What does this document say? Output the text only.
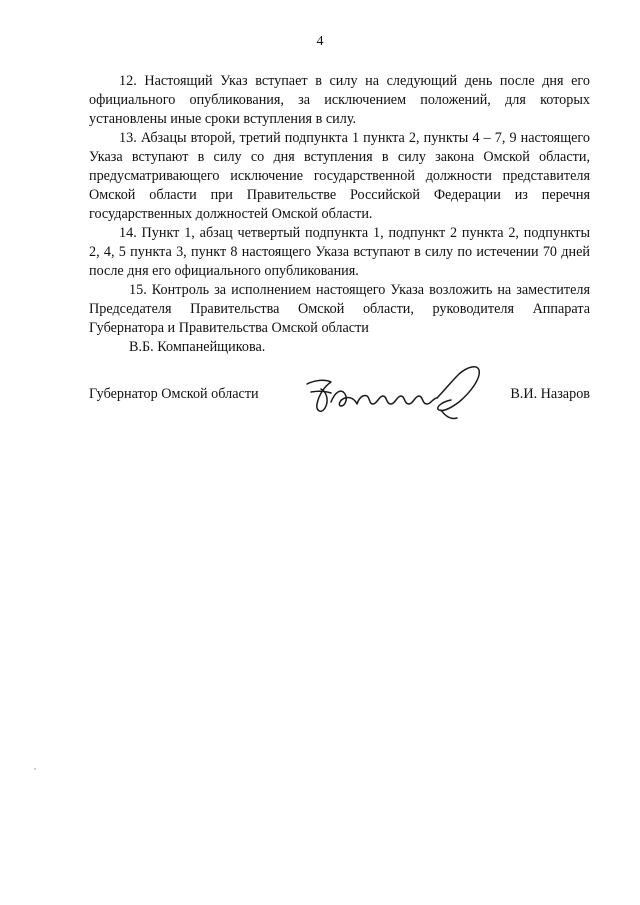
4

12. Настоящий Указ вступает в силу на следующий день после дня его официального опубликования, за исключением положений, для которых установлены иные сроки вступления в силу.

13. Абзацы второй, третий подпункта 1 пункта 2, пункты 4 – 7, 9 настоящего Указа вступают в силу со дня вступления в силу закона Омской области, предусматривающего исключение государственной должности представителя Омской области при Правительстве Российской Федерации из перечня государственных должностей Омской области.

14. Пункт 1, абзац четвертый подпункта 1, подпункт 2 пункта 2, подпункты 2, 4, 5 пункта 3, пункт 8 настоящего Указа вступают в силу по истечении 70 дней после дня его официального опубликования.

15. Контроль за исполнением настоящего Указа возложить на заместителя Председателя Правительства Омской области, руководителя Аппарата Губернатора и Правительства Омской области
В.Б. Компанейщикова.

Губернатор Омской области	В.И. Назаров
